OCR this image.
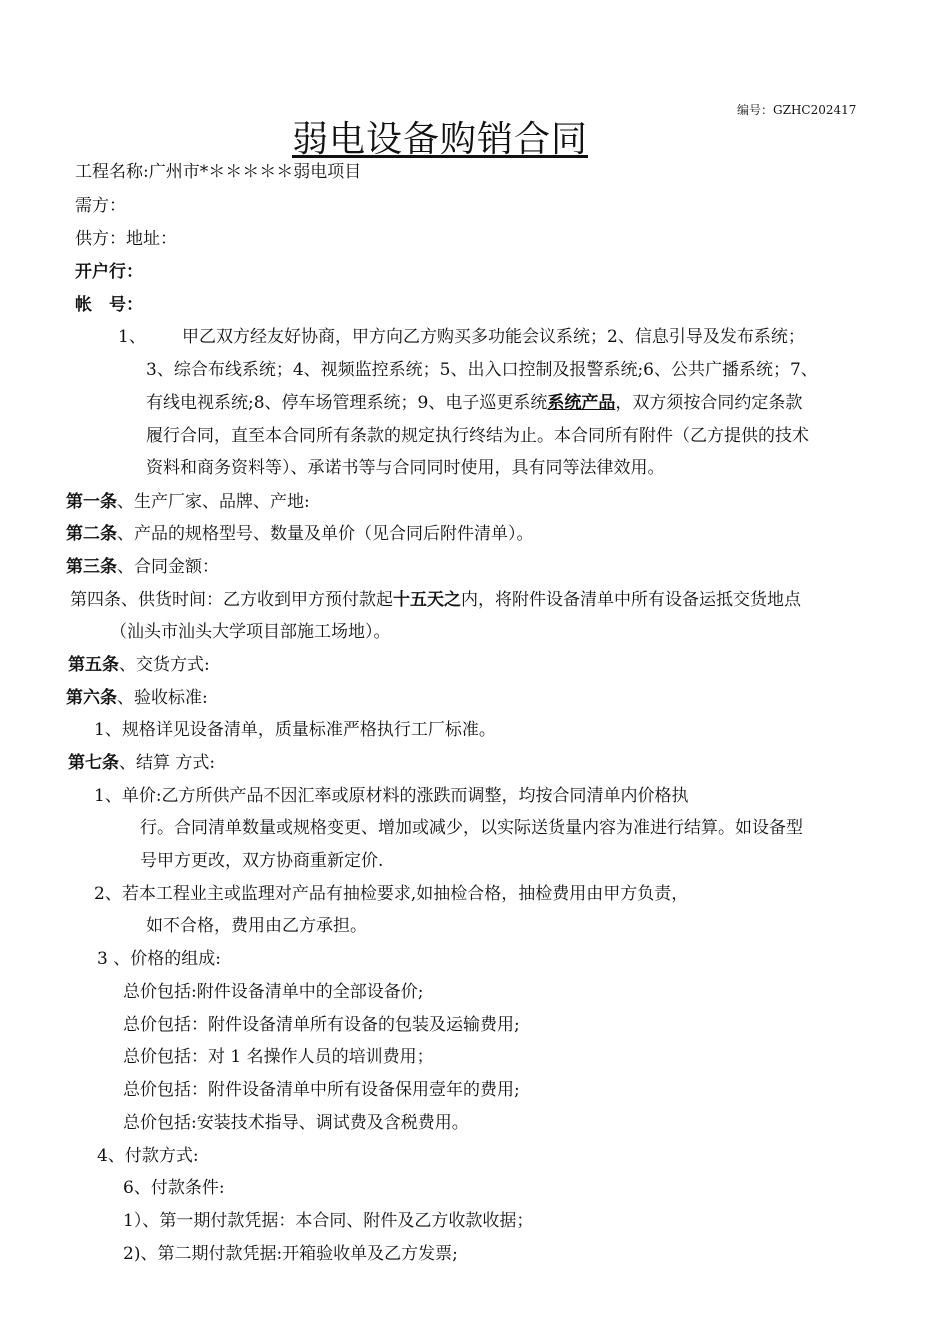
编号：GZHC202417
弱电设备购销合同
工程名称:广州市*＊＊＊＊＊弱电项目
需方：
供方：地址：
开户行：
帐　号：
1、 甲乙双方经友好协商，甲方向乙方购买多功能会议系统；2、信息引导及发布系统；
3、综合布线系统；4、视频监控系统；5、出入口控制及报警系统;6、公共广播系统；7、
有线电视系统;8、停车场管理系统；9、电子巡更系统系统产品，双方须按合同约定条款
履行合同，直至本合同所有条款的规定执行终结为止。本合同所有附件（乙方提供的技术
资料和商务资料等）、承诺书等与合同同时使用，具有同等法律效用。
第一条、生产厂家、品牌、产地:
第二条、产品的规格型号、数量及单价（见合同后附件清单）。
第三条、合同金额：
第四条、供货时间：乙方收到甲方预付款起十五天之内，将附件设备清单中所有设备运抵交货地点
（汕头市汕头大学项目部施工场地）。
第五条、交货方式:
第六条、验收标准:
1、规格详见设备清单，质量标准严格执行工厂标准。
第七条、结算 方式:
1、单价:乙方所供产品不因汇率或原材料的涨跌而调整，均按合同清单内价格执
行。合同清单数量或规格变更、增加或减少，以实际送货量内容为准进行结算。如设备型
号甲方更改，双方协商重新定价.
2、若本工程业主或监理对产品有抽检要求,如抽检合格，抽检费用由甲方负责，
如不合格，费用由乙方承担。
3 、价格的组成:
总价包括:附件设备清单中的全部设备价;
总价包括：附件设备清单所有设备的包装及运输费用;
总价包括：对 1 名操作人员的培训费用；
总价包括：附件设备清单中所有设备保用壹年的费用;
总价包括:安装技术指导、调试费及含税费用。
4、付款方式:
6、付款条件:
1）、第一期付款凭据：本合同、附件及乙方收款收据；
2)、第二期付款凭据:开箱验收单及乙方发票;
